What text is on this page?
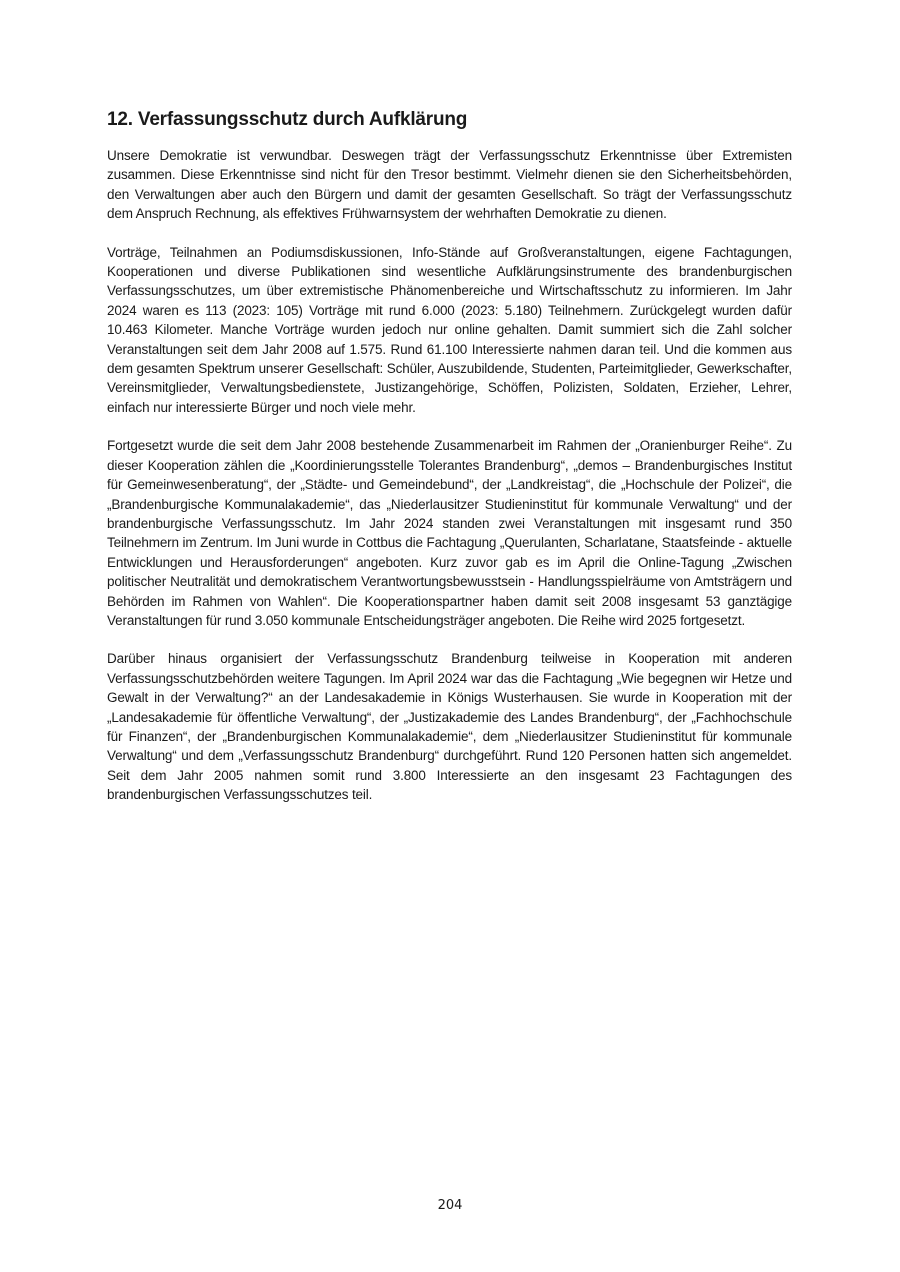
12. Verfassungsschutz durch Aufklärung

Unsere Demokratie ist verwundbar. Deswegen trägt der Verfassungsschutz Erkenntnisse über Extremisten zusammen. Diese Erkenntnisse sind nicht für den Tresor bestimmt. Vielmehr dienen sie den Sicherheitsbehörden, den Verwaltungen aber auch den Bürgern und damit der gesamten Gesellschaft. So trägt der Verfassungsschutz dem Anspruch Rechnung, als effektives Frühwarnsystem der wehrhaften Demokratie zu dienen.

Vorträge, Teilnahmen an Podiumsdiskussionen, Info-Stände auf Großveranstaltungen, eigene Fachtagungen, Kooperationen und diverse Publikationen sind wesentliche Aufklärungsinstrumente des brandenburgischen Verfassungsschutzes, um über extremistische Phänomenbereiche und Wirtschaftsschutz zu informieren. Im Jahr 2024 waren es 113 (2023: 105) Vorträge mit rund 6.000 (2023: 5.180) Teilnehmern. Zurückgelegt wurden dafür 10.463 Kilometer. Manche Vorträge wurden jedoch nur online gehalten. Damit summiert sich die Zahl solcher Veranstaltungen seit dem Jahr 2008 auf 1.575. Rund 61.100 Interessierte nahmen daran teil. Und die kommen aus dem gesamten Spektrum unserer Gesellschaft: Schüler, Auszubildende, Studenten, Parteimitglieder, Gewerkschafter, Vereinsmitglieder, Verwaltungsbedienstete, Justizangehörige, Schöffen, Polizisten, Soldaten, Erzieher, Lehrer, einfach nur interessierte Bürger und noch viele mehr.

Fortgesetzt wurde die seit dem Jahr 2008 bestehende Zusammenarbeit im Rahmen der „Oranienburger Reihe“. Zu dieser Kooperation zählen die „Koordinierungsstelle Tolerantes Brandenburg“, „demos – Brandenburgisches Institut für Gemeinwesenberatung“, der „Städte- und Gemeindebund“, der „Landkreistag“, die „Hochschule der Polizei“, die „Brandenburgische Kommunalakademie“, das „Niederlausitzer Studieninstitut für kommunale Verwaltung“ und der brandenburgische Verfassungsschutz. Im Jahr 2024 standen zwei Veranstaltungen mit insgesamt rund 350 Teilnehmern im Zentrum. Im Juni wurde in Cottbus die Fachtagung „Querulanten, Scharlatane, Staatsfeinde - aktuelle Entwicklungen und Herausforderungen“ angeboten. Kurz zuvor gab es im April die Online-Tagung „Zwischen politischer Neutralität und demokratischem Verantwortungsbewusstsein - Handlungsspielräume von Amtsträgern und Behörden im Rahmen von Wahlen“. Die Kooperationspartner haben damit seit 2008 insgesamt 53 ganztägige Veranstaltungen für rund 3.050 kommunale Entscheidungsträger angeboten. Die Reihe wird 2025 fortgesetzt.

Darüber hinaus organisiert der Verfassungsschutz Brandenburg teilweise in Kooperation mit anderen Verfassungsschutzbehörden weitere Tagungen. Im April 2024 war das die Fachtagung „Wie begegnen wir Hetze und Gewalt in der Verwaltung?“ an der Landesakademie in Königs Wusterhausen. Sie wurde in Kooperation mit der „Landesakademie für öffentliche Verwaltung“, der „Justizakademie des Landes Brandenburg“, der „Fachhochschule für Finanzen“, der „Brandenburgischen Kommunalakademie“, dem „Niederlausitzer Studieninstitut für kommunale Verwaltung“ und dem „Verfassungsschutz Brandenburg“ durchgeführt. Rund 120 Personen hatten sich angemeldet. Seit dem Jahr 2005 nahmen somit rund 3.800 Interessierte an den insgesamt 23 Fachtagungen des brandenburgischen Verfassungsschutzes teil.

204
